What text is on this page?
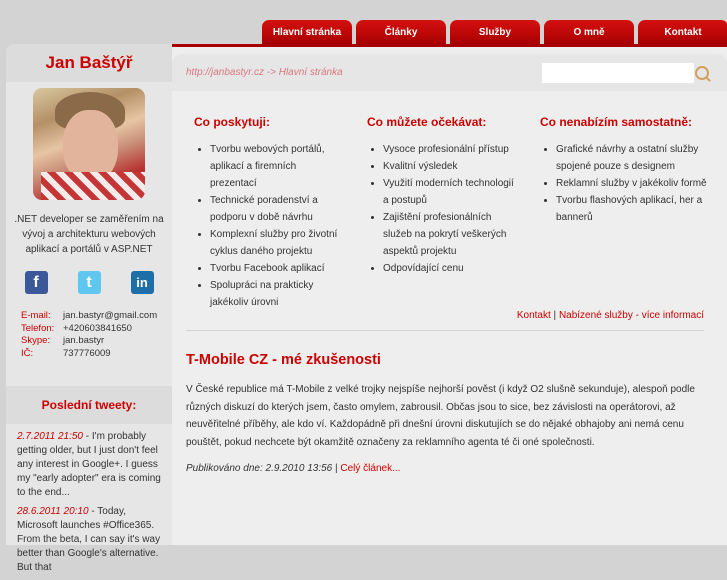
Hlavní stránka	Články	Služby	O mně	Kontakt
Jan Baštýř
.NET developer se zaměřením na vývoj a architekturu webových aplikací a portálů v ASP.NET
f	t	in
E-mail:	jan.bastyr@gmail.com
Telefon: +420603841650
Skype:	jan.bastyr
IČ:	737776009
Poslední tweety:
2.7.2011 21:50 - I'm probably getting older, but I just don't feel any interest in Google+. I guess my "early adopter" era is coming to the end...
28.6.2011 20:10 - Today, Microsoft launches #Office365. From the beta, I can say it's way better than Google's alternative. But that
http://janbastyr.cz -> Hlavní stránka
Co poskytuji:
• Tvorbu webových portálů, aplikací a firemních prezentací
• Technické poradenství a podporu v době návrhu
• Komplexní služby pro životní cyklus daného projektu
• Tvorbu Facebook aplikací
• Spolupráci na prakticky jakékoliv úrovni
Co můžete očekávat:
• Vysoce profesionální přístup
• Kvalitní výsledek
• Využití moderních technologií a postupů
• Zajištění profesionálních služeb na pokrytí veškerých aspektů projektu
• Odpovídající cenu
Co nenabízím samostatně:
• Grafické návrhy a ostatní služby spojené pouze s designem
• Reklamní služby v jakékoliv formě
• Tvorbu flashových aplikací, her a bannerů
Kontakt | Nabízené služby - více informací
T-Mobile CZ - mé zkušenosti

V České republice má T-Mobile z velké trojky nejspíše nejhorší pověst (i když O2 slušně sekunduje), alespoň podle různých diskuzí do kterých jsem, často omylem, zabrousil. Občas jsou to sice, bez závislosti na operátorovi, až neuvěřitelné příběhy, ale kdo ví. Každopádně při dnešní úrovni diskutujích se do nějaké obhajoby ani nemá cenu pouštět, pokud nechcete být okamžitě označeny za reklamního agenta té či oné společnosti.

Publikováno dne: 2.9.2010 13:56 | Celý článek...
